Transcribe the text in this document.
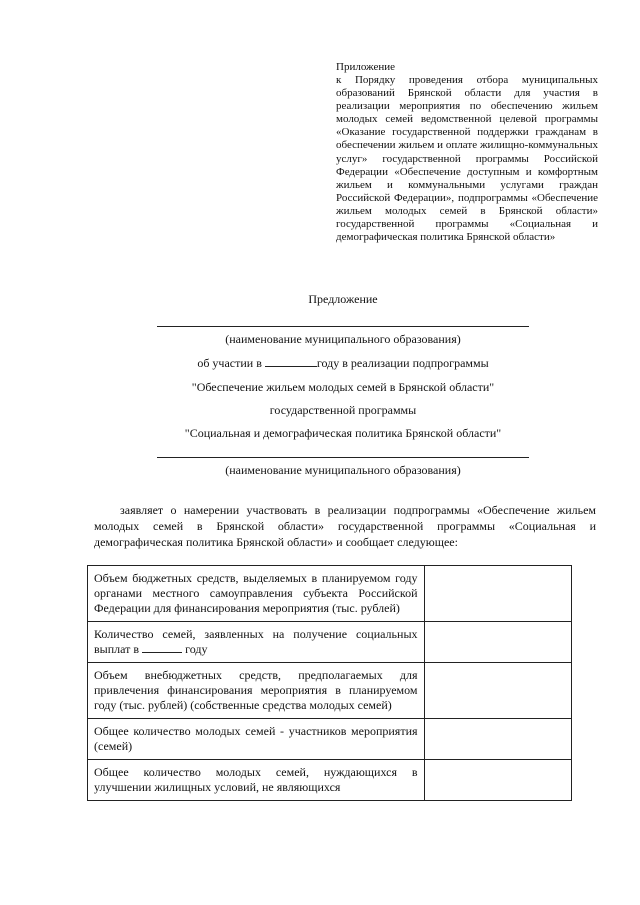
Приложение
к Порядку проведения отбора муниципальных образований Брянской области для участия в реализации мероприятия по обеспечению жильем молодых семей ведомственной целевой программы «Оказание государственной поддержки гражданам в обеспечении жильем и оплате жилищно-коммунальных услуг» государственной программы Российской Федерации «Обеспечение доступным и комфортным жильем и коммунальными услугами граждан Российской Федерации», подпрограммы «Обеспечение жильем молодых семей в Брянской области» государственной программы «Социальная и демографическая политика Брянской области»
Предложение
(наименование муниципального образования)
об участии в	году в реализации подпрограммы
"Обеспечение жильем молодых семей в Брянской области"
государственной программы
"Социальная и демографическая политика Брянской области"
(наименование муниципального образования)
заявляет о намерении участвовать в реализации подпрограммы «Обеспечение жильем молодых семей в Брянской области» государственной программы «Социальная и демографическая политика Брянской области» и сообщает следующее:
Объем бюджетных средств, выделяемых в планируемом году органами местного самоуправления субъекта Российской Федерации для финансирования мероприятия (тыс. рублей)	
Количество семей, заявленных на получение социальных выплат в году	
Объем внебюджетных средств, предполагаемых для привлечения финансирования мероприятия в планируемом году (тыс. рублей) (собственные средства молодых семей)	
Общее количество молодых семей - участников мероприятия (семей)	
Общее количество молодых семей, нуждающихся в улучшении жилищных условий, не являющихся	
